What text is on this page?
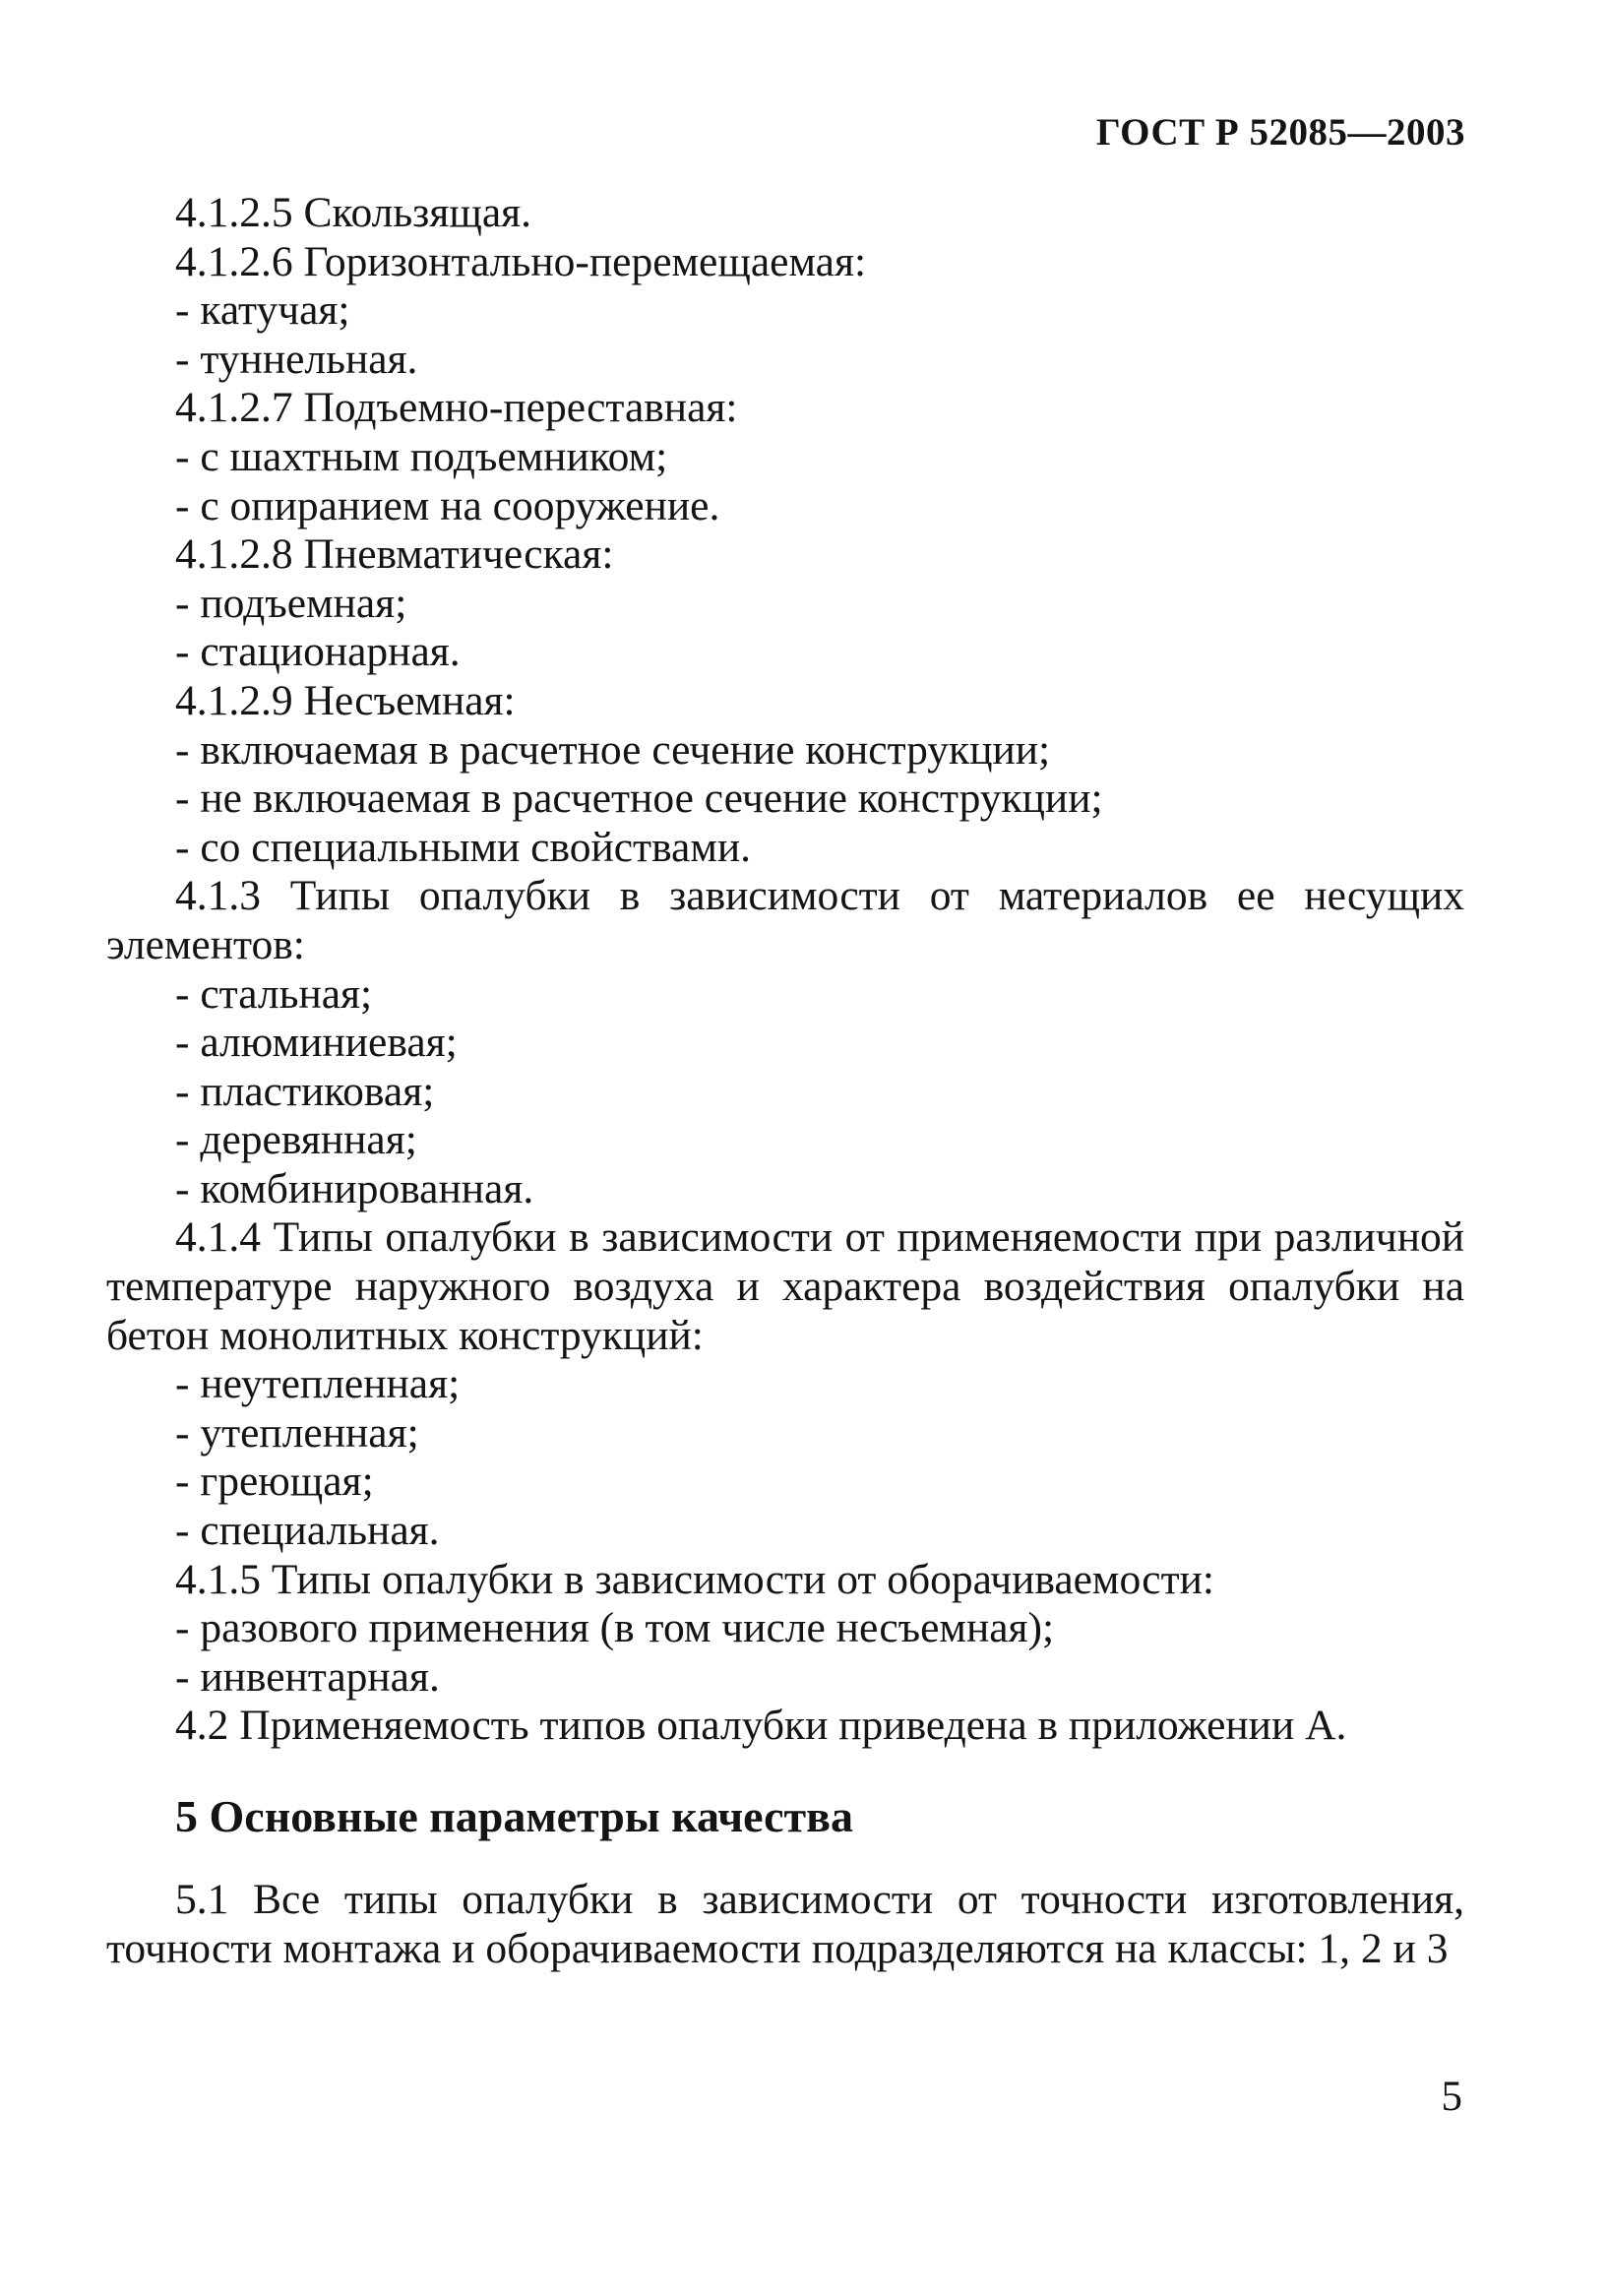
ГОСТ Р 52085—2003

4.1.2.5 Скользящая.

4.1.2.6 Горизонтально-перемещаемая:

- катучая;

- туннельная.

4.1.2.7 Подъемно-переставная:

- с шахтным подъемником;

- с опиранием на сооружение.

4.1.2.8 Пневматическая:

- подъемная;

- стационарная.

4.1.2.9 Несъемная:

- включаемая в расчетное сечение конструкции;

- не включаемая в расчетное сечение конструкции;

- со специальными свойствами.

4.1.3 Типы опалубки в зависимости от материалов ее несущих элементов:

- стальная;

- алюминиевая;

- пластиковая;

- деревянная;

- комбинированная.

4.1.4 Типы опалубки в зависимости от применяемости при различной температуре наружного воздуха и характера воздействия опалубки на бетон монолитных конструкций:

- неутепленная;

- утепленная;

- греющая;

- специальная.

4.1.5 Типы опалубки в зависимости от оборачиваемости:

- разового применения (в том числе несъемная);

- инвентарная.

4.2 Применяемость типов опалубки приведена в приложении А.

5 Основные параметры качества

5.1 Все типы опалубки в зависимости от точности изготовления, точности монтажа и оборачиваемости подразделяются на классы: 1, 2 и 3

5
